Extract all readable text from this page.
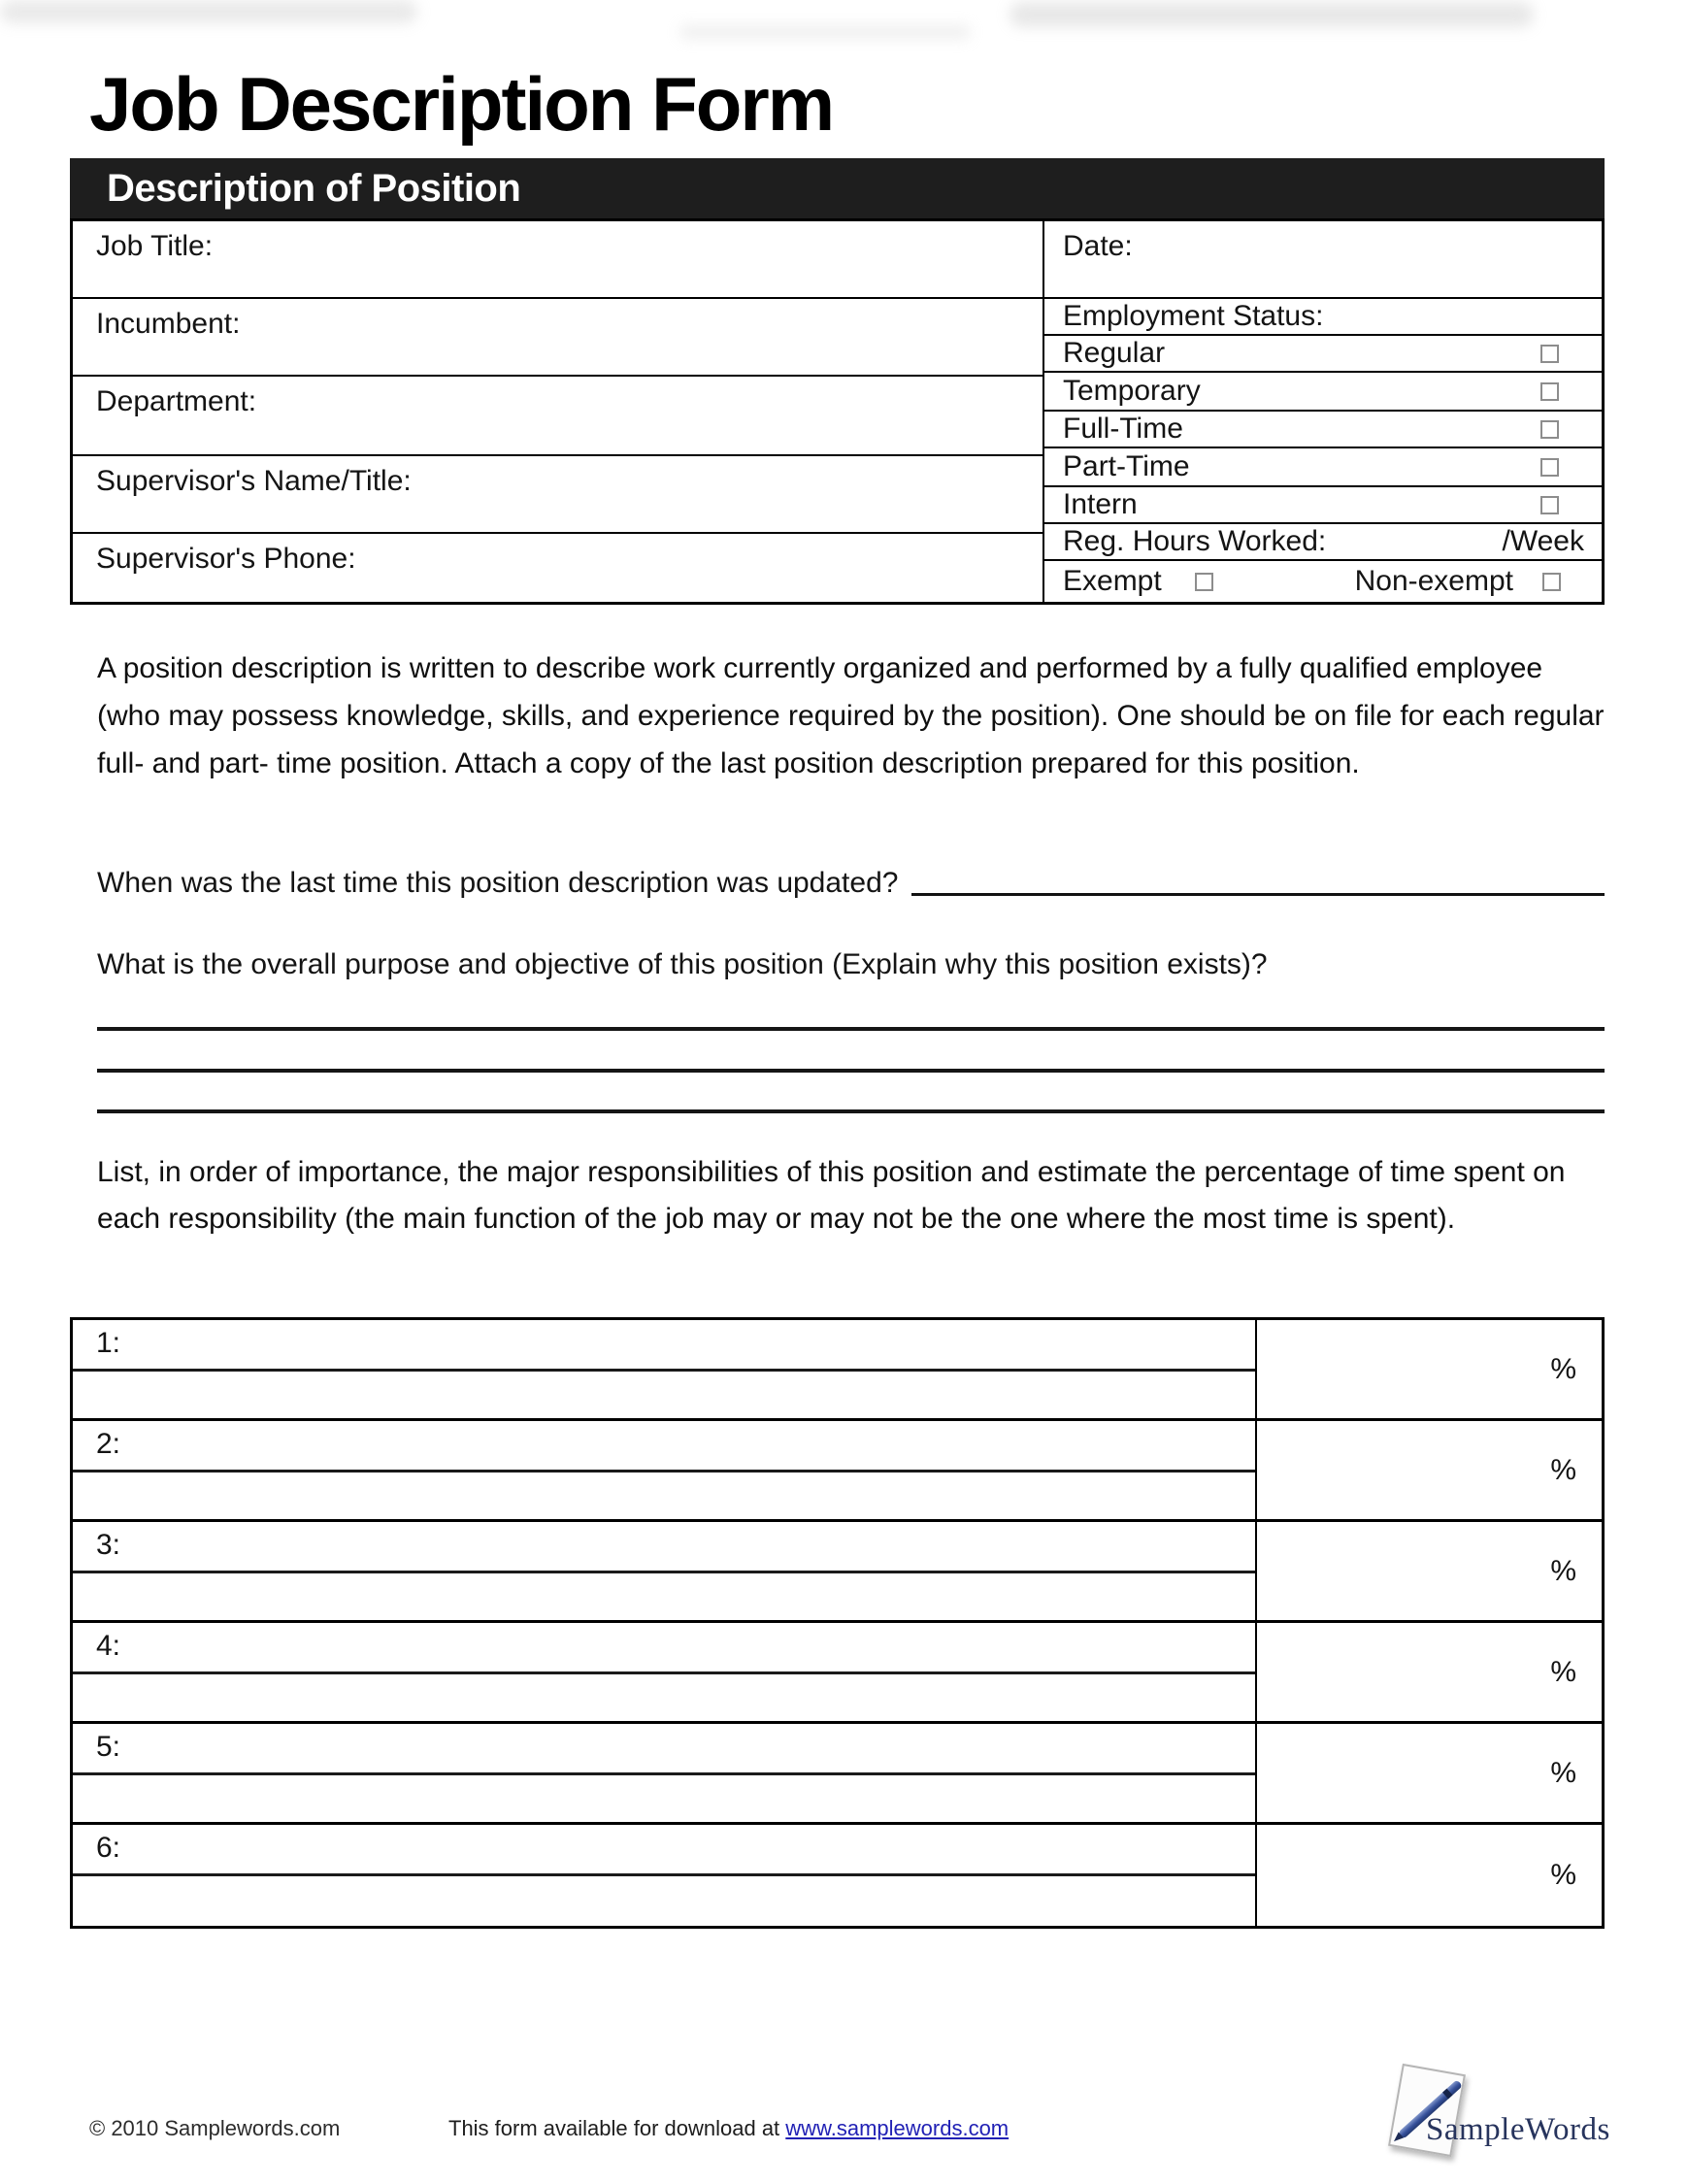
Job Description Form
Description of Position
Job Title:
Incumbent:
Department:
Supervisor's Name/Title:
Supervisor's Phone:
Date:
Employment Status:
Regular
Temporary
Full-Time
Part-Time
Intern
Reg. Hours Worked:	/Week
Exempt	Non-exempt
A position description is written to describe work currently organized and performed by a fully qualified employee (who may possess knowledge, skills, and experience required by the position). One should be on file for each regular full- and part- time position. Attach a copy of the last position description prepared for this position.
When was the last time this position description was updated?
What is the overall purpose and objective of this position (Explain why this position exists)?
List, in order of importance, the major responsibilities of this position and estimate the percentage of time spent on each responsibility (the main function of the job may or may not be the one where the most time is spent).
1:
%
2:
%
3:
%
4:
%
5:
%
6:
%
© 2010 Samplewords.com	This form available for download at www.samplewords.com	SampleWords
